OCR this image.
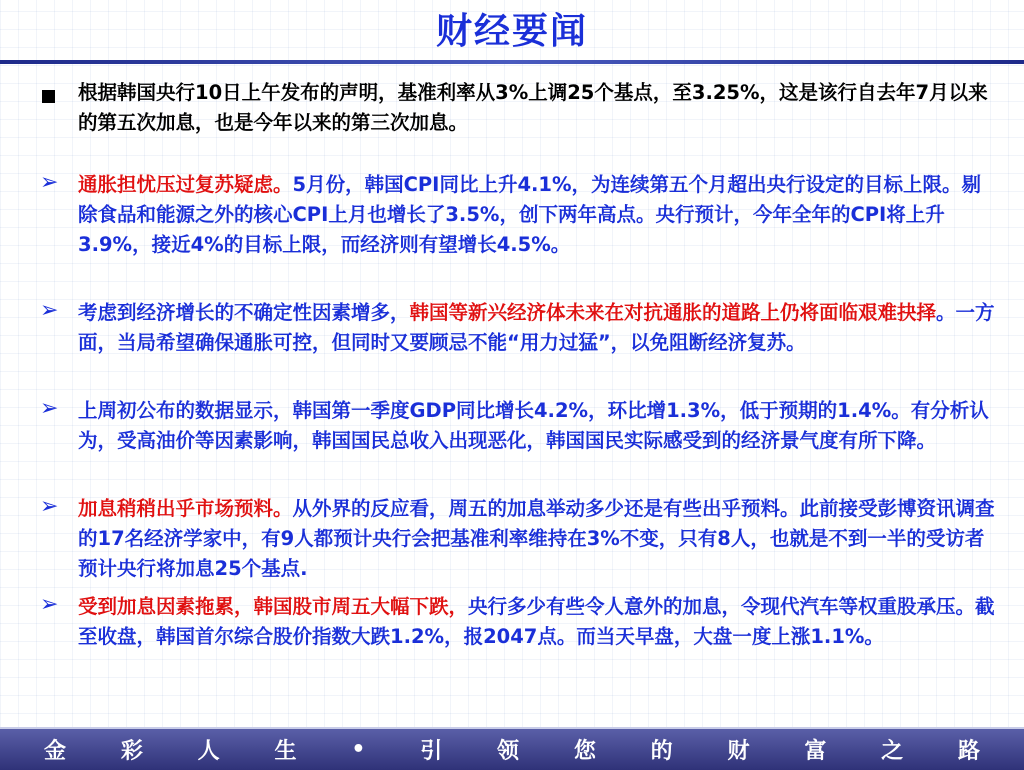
财经要闻
根据韩国央行10日上午发布的声明，基准利率从3%上调25个基点，至3.25%，这是该行自去年7月以来的第五次加息，也是今年以来的第三次加息。
➢ 通胀担忧压过复苏疑虑。5月份，韩国CPI同比上升4.1%，为连续第五个月超出央行设定的目标上限。剔除食品和能源之外的核心CPI上月也增长了3.5%，创下两年高点。央行预计，今年全年的CPI将上升3.9%，接近4%的目标上限，而经济则有望增长4.5%。
➢ 考虑到经济增长的不确定性因素增多，韩国等新兴经济体未来在对抗通胀的道路上仍将面临艰难抉择。一方面，当局希望确保通胀可控，但同时又要顾忌不能“用力过猛”，以免阻断经济复苏。
➢ 上周初公布的数据显示，韩国第一季度GDP同比增长4.2%，环比增1.3%，低于预期的1.4%。有分析认为，受高油价等因素影响，韩国国民总收入出现恶化，韩国国民实际感受到的经济景气度有所下降。
➢ 加息稍稍出乎市场预料。从外界的反应看，周五的加息举动多少还是有些出乎预料。此前接受彭博资讯调查的17名经济学家中，有9人都预计央行会把基准利率维持在3%不变，只有8人，也就是不到一半的受访者预计央行将加息25个基点.
➢ 受到加息因素拖累，韩国股市周五大幅下跌，央行多少有些令人意外的加息，令现代汽车等权重股承压。截至收盘，韩国首尔综合股价指数大跌1.2%，报2047点。而当天早盘，大盘一度上涨1.1%。
金 彩 人 生 • 引 领 您 的 财 富 之 路
